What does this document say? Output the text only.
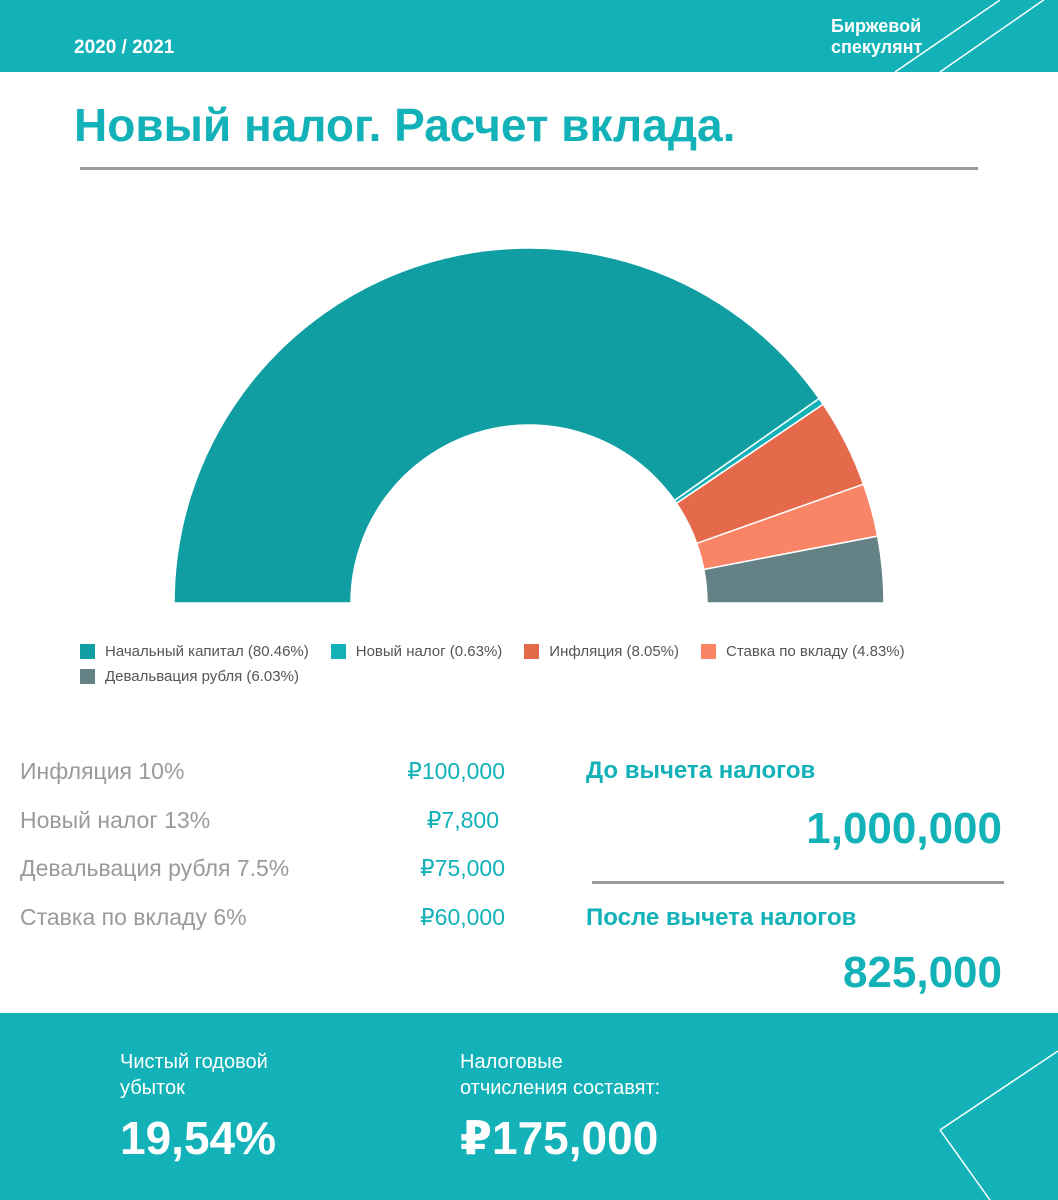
2020 / 2021
Биржевой
спекулянт
Новый налог. Расчет вклада.
Начальный капитал (80.46%)	Новый налог (0.63%)	Инфляция (8.05%)	Ставка по вкладу (4.83%)
Девальвация рубля (6.03%)
Инфляция 10%	₽100,000
Новый налог 13%	₽7,800
Девальвация рубля 7.5%	₽75,000
Ставка по вкладу 6%	₽60,000
До вычета налогов
1,000,000
После вычета налогов
825,000
Чистый годовой
убыток
19,54%
Налоговые
отчисления составят:
₽175,000
